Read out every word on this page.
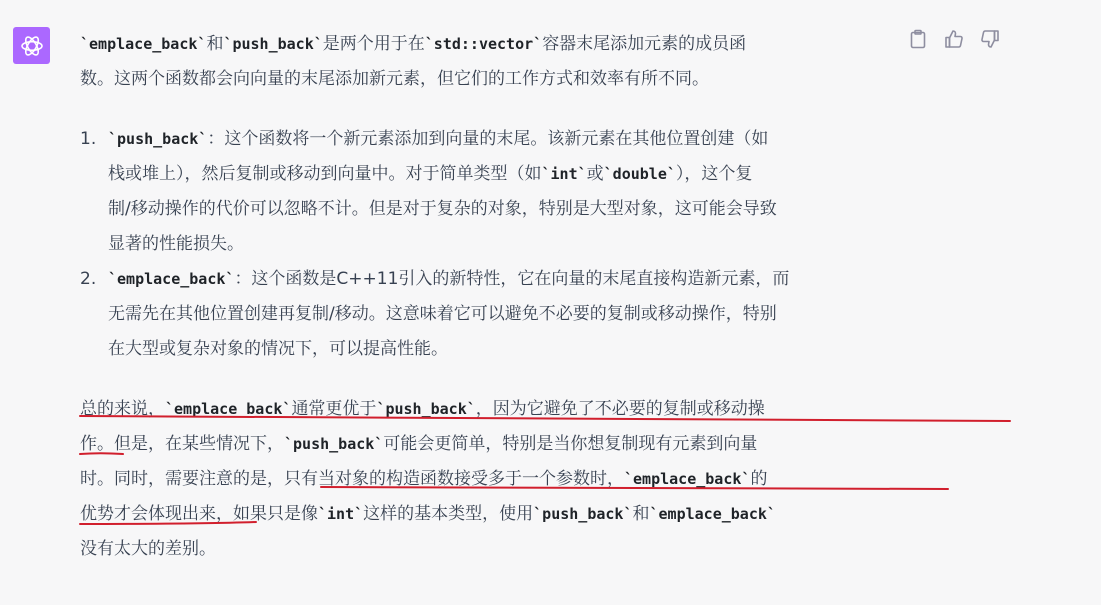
`emplace_back`和`push_back`是两个用于在`std::vector`容器末尾添加元素的成员函
数。这两个函数都会向向量的末尾添加新元素，但它们的工作方式和效率有所不同。
1. `push_back`：这个函数将一个新元素添加到向量的末尾。该新元素在其他位置创建（如
栈或堆上），然后复制或移动到向量中。对于简单类型（如`int`或`double`），这个复
制/移动操作的代价可以忽略不计。但是对于复杂的对象，特别是大型对象，这可能会导致
显著的性能损失。
2. `emplace_back`：这个函数是C++11引入的新特性，它在向量的末尾直接构造新元素，而
无需先在其他位置创建再复制/移动。这意味着它可以避免不必要的复制或移动操作，特别
在大型或复杂对象的情况下，可以提高性能。
总的来说，`emplace_back`通常更优于`push_back`，因为它避免了不必要的复制或移动操
作。但是，在某些情况下，`push_back`可能会更简单，特别是当你想复制现有元素到向量
时。同时，需要注意的是，只有当对象的构造函数接受多于一个参数时，`emplace_back`的
优势才会体现出来，如果只是像`int`这样的基本类型，使用`push_back`和`emplace_back`
没有太大的差别。
